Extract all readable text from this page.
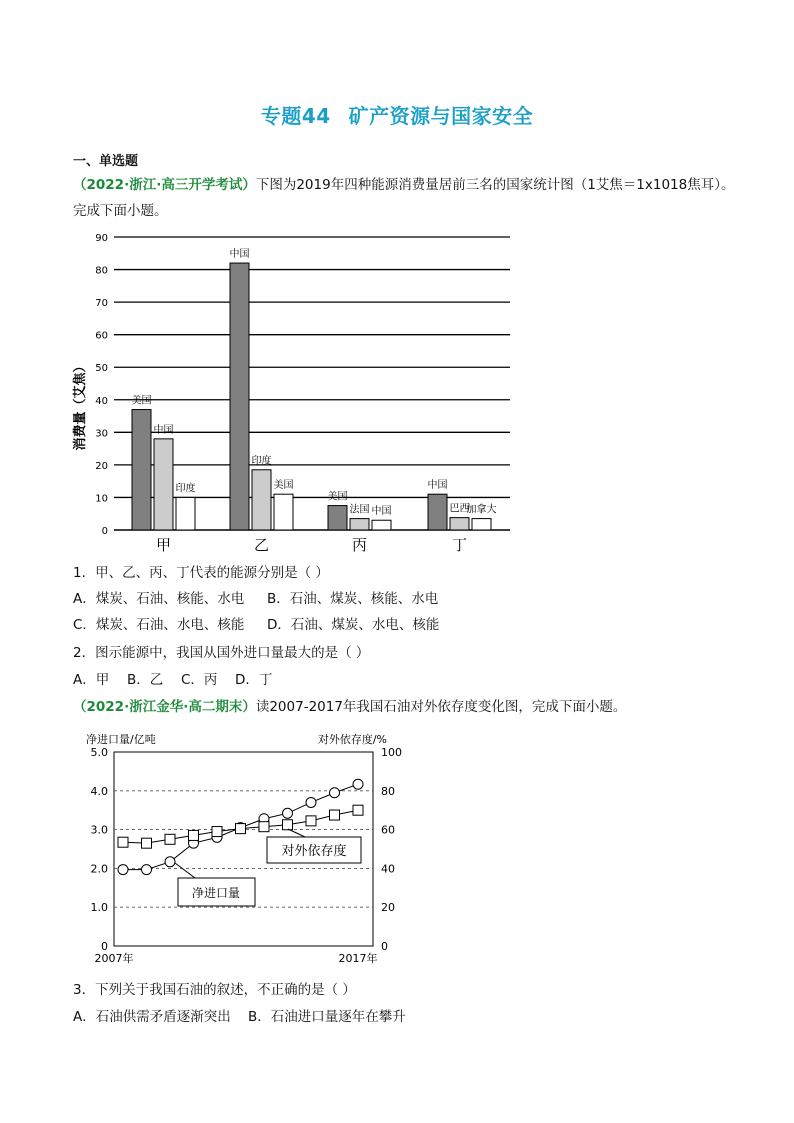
专题44 矿产资源与国家安全
一、单选题
（2022·浙江·高三开学考试）下图为2019年四种能源消费量居前三名的国家统计图（1艾焦＝1x1018焦耳）。
完成下面小题。
0
10
20
30
40
50
60
70
80
90
美国
中国
印度
中国
印度
美国
美国
法国 中国
中国
巴西
加拿大
甲	乙	丙	丁
消费量（艾焦）
1．甲、乙、丙、丁代表的能源分别是（ ）
A．煤炭、石油、核能、水电 B．石油、煤炭、核能、水电
C．煤炭、石油、水电、核能 D．石油、煤炭、水电、核能
2．图示能源中，我国从国外进口量最大的是（ ）
A．甲 B．乙 C．丙 D．丁
（2022·浙江金华·高二期末）读2007-2017年我国石油对外依存度变化图，完成下面小题。
0
1.0
2.0
3.0
4.0
5.0
0
20
40
60
80
100
净进口量/亿吨	对外依存度/%
2007年	2017年
对外依存度
净进口量
3．下列关于我国石油的叙述，不正确的是（ ）
A．石油供需矛盾逐渐突出 B．石油进口量逐年在攀升
